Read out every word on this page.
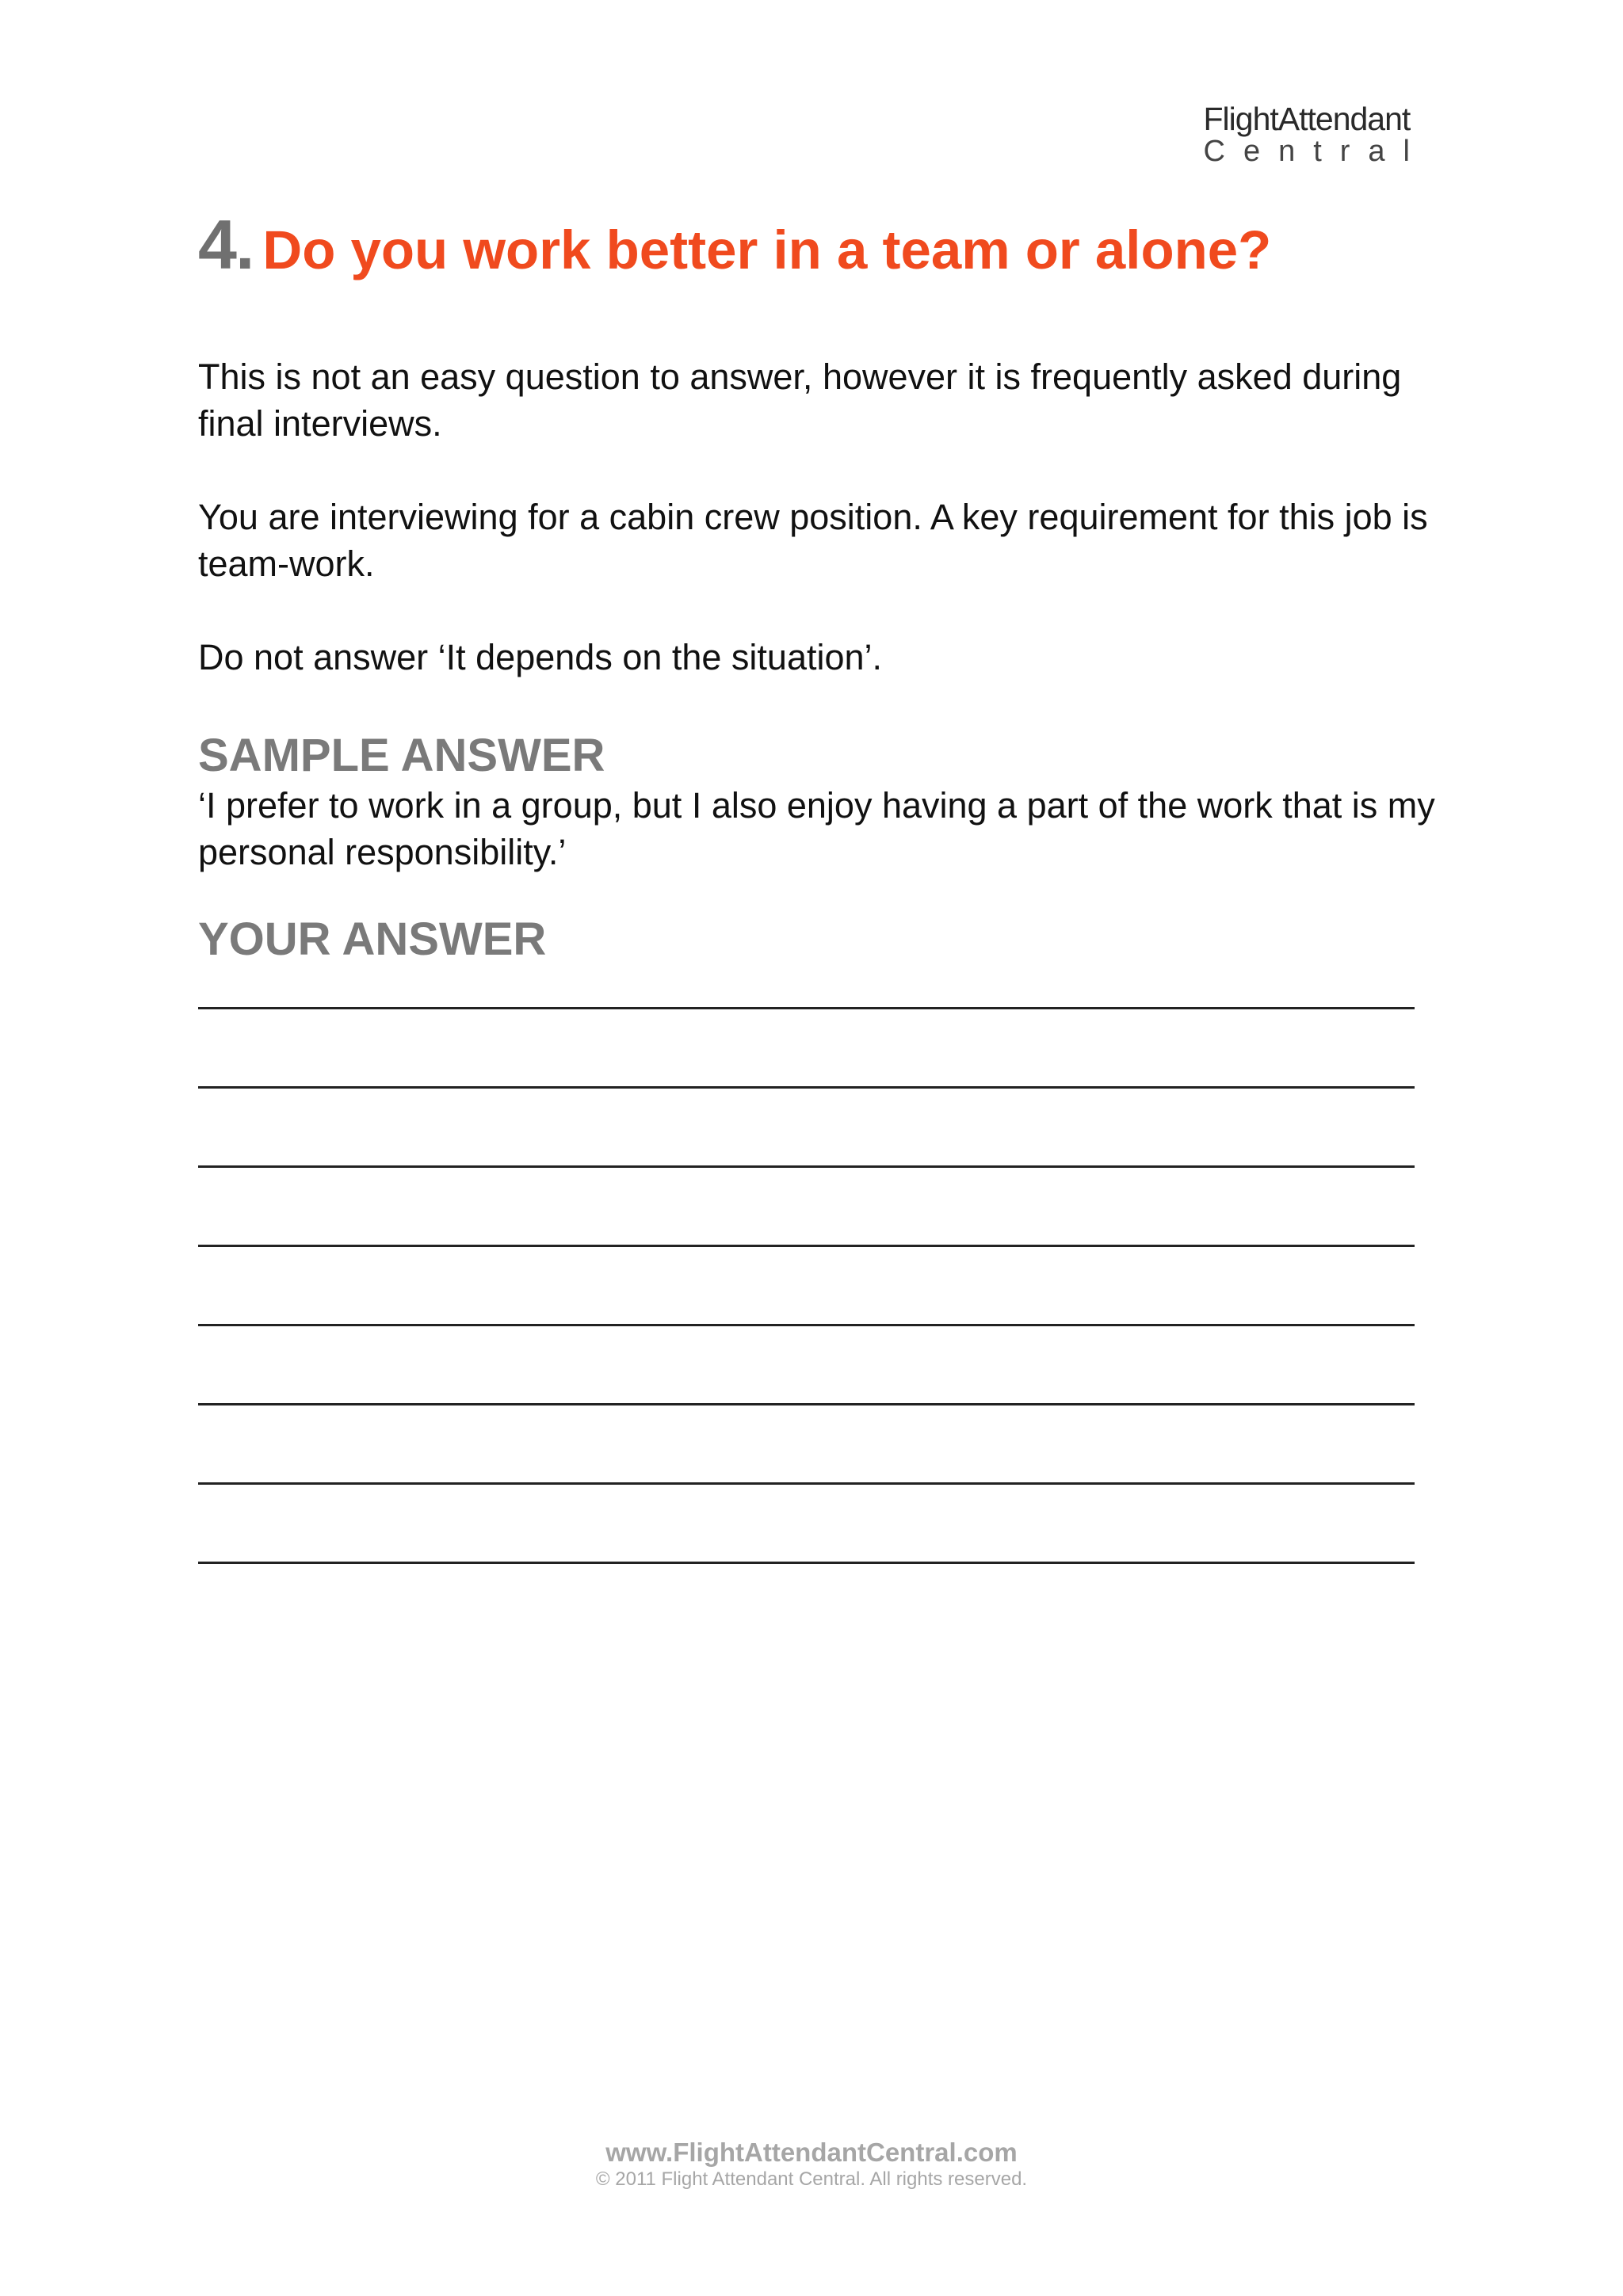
FlightAttendant
Central
4. Do you work better in a team or alone?

This is not an easy question to answer, however it is frequently asked during final interviews.

You are interviewing for a cabin crew position. A key requirement for this job is team-work.

Do not answer ‘It depends on the situation’.

SAMPLE ANSWER

‘I prefer to work in a group, but I also enjoy having a part of the work that is my personal responsibility.’

YOUR ANSWER
www.FlightAttendantCentral.com
© 2011 Flight Attendant Central. All rights reserved.
